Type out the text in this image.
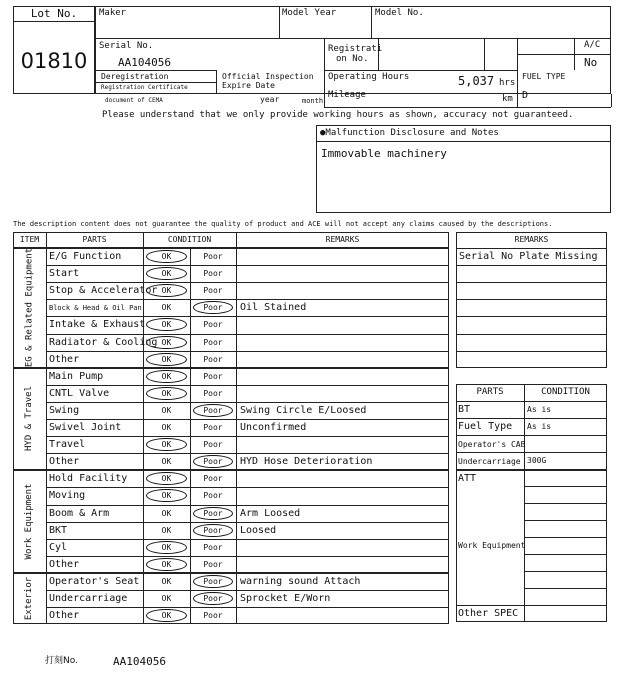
Lot No.
01810
Maker	Model Year	Model No.
Serial No.
AA104056
Registrati
on No.
A/C
No
Deregistration
Registration Certificate
document of CEMA
Official Inspection
Expire Date
year	month
Operating Hours	5,037 hrs
Mileage	km
FUEL TYPE
D
Please understand that we only provide working hours as shown, accuracy not guaranteed.
●Malfunction Disclosure and Notes
Immovable machinery
The description content does not guarantee the quality of product and ACE will not accept any claims caused by the descriptions.
ITEM	PARTS	CONDITION	REMARKS
EG & Related Equipment E/G Function	OK	Poor
Start	OK	Poor
Stop & Accelerator OK	Poor
Block & Head & Oil Pan	OK	Poor	Oil Stained
Intake & Exhaust	OK	Poor
Radiator & Cooling OK	Poor
Other	OK	Poor
HYD & Travel
Main Pump	OK	Poor
CNTL Valve	OK	Poor
Swing	OK	Poor	Swing Circle E/Loosed
Swivel Joint	OK	Poor	Unconfirmed
Travel	OK	Poor
Other	OK	Poor	HYD Hose Deterioration
Work Equipment
Hold Facility	OK	Poor
Moving	OK	Poor
Boom & Arm	OK	Poor	Arm Loosed
BKT	OK	Poor	Loosed
Cyl	OK	Poor
Other	OK	Poor
Exterior Operator's Seat	OK	Poor	warning sound Attach
Undercarriage	OK	Poor	Sprocket E/Worn
Other	OK	Poor
REMARKS
Serial No Plate Missing
PARTS	CONDITION
BT	As is
Fuel Type As is
Operator's CAB
Undercarriage 300G
ATT
Work Equipment
Other SPEC
打刻No.	AA104056
